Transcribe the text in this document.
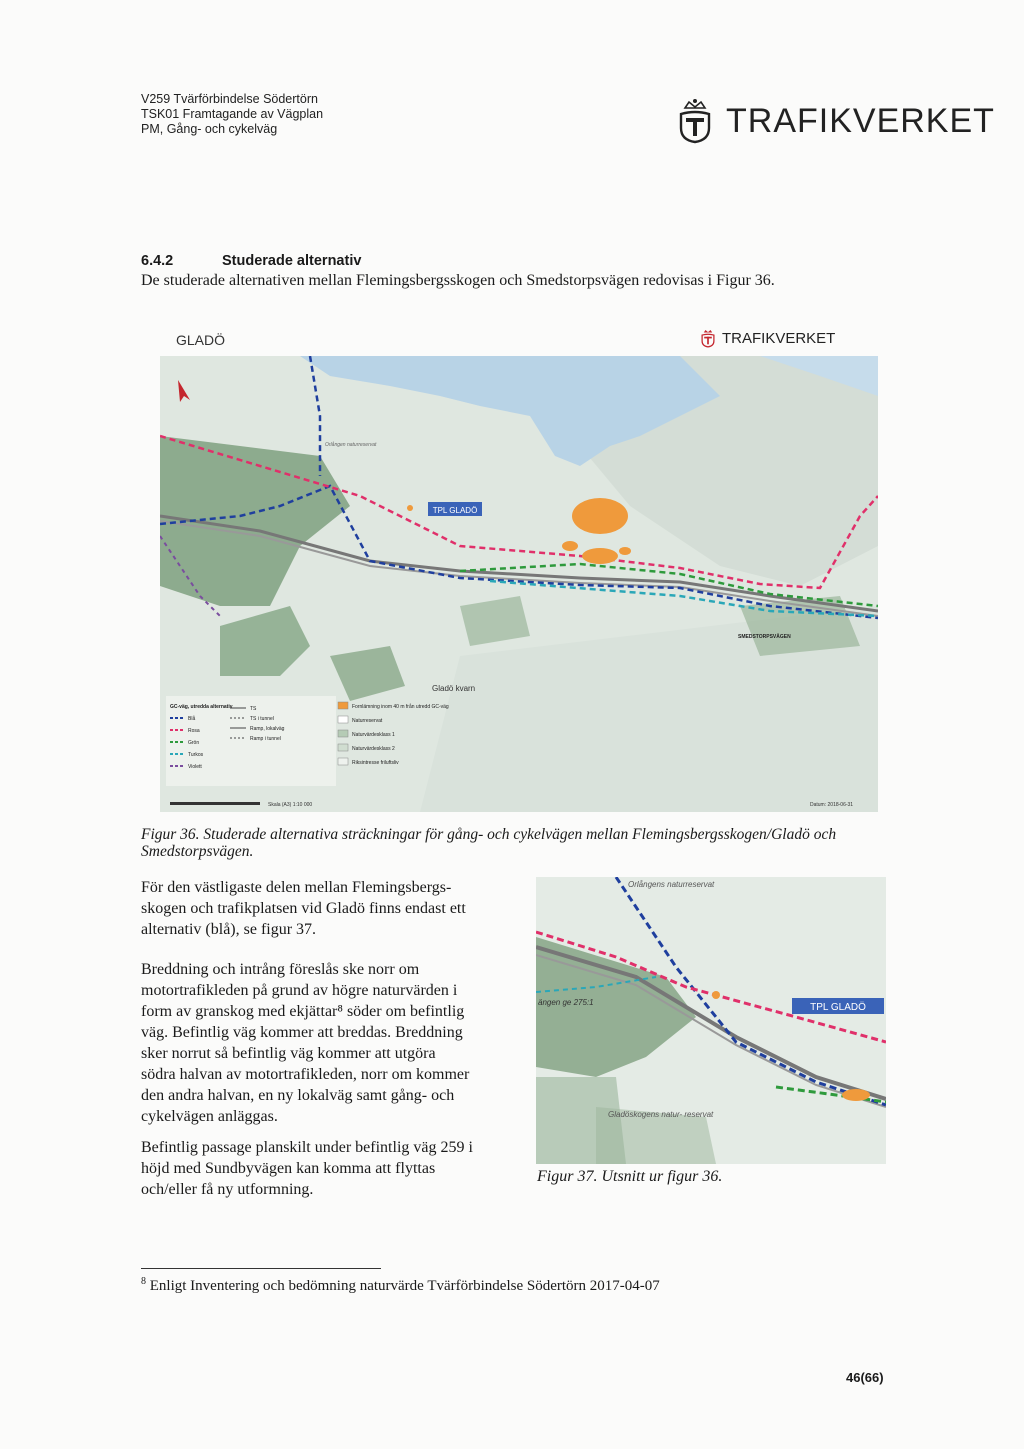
V259 Tvärförbindelse Södertörn
TSK01 Framtagande av Vägplan
PM, Gång- och cykelväg	TRAFIKVERKET
6.4.2	Studerade alternativ
De studerade alternativen mellan Flemingsbergsskogen och Smedstorpsvägen redovisas i Figur 36.
GLADÖ	TRAFIKVERKET
TPL GLADÖ
SMEDSTORPSVÄGEN
Gladö kvarn
Orlången naturreservat
GC-väg, utredda alternativ
Blå
Rosa
Grön
Turkos
Violett
TS
TS i tunnel
Ramp, lokalväg
Ramp i tunnel
Fornlämning inom 40 m från utredd GC-väg
Naturreservat
Naturvärdesklass 1
Naturvärdesklass 2
Riksintresse friluftsliv
Skala (A3) 1:10 000	Datum: 2018-06-31
Figur 36. Studerade alternativa sträckningar för gång- och cykelvägen mellan Flemingsbergsskogen/Gladö och Smedstorpsvägen.
För den västligaste delen mellan Flemingsbergs-
skogen och trafikplatsen vid Gladö finns endast ett
alternativ (blå), se figur 37.
Breddning och intrång föreslås ske norr om
motortrafikleden på grund av högre naturvärden i
form av granskog med ekjättar⁸ söder om befintlig
väg. Befintlig väg kommer att breddas. Breddning
sker norrut så befintlig väg kommer att utgöra
södra halvan av motortrafikleden, norr om kommer
den andra halvan, en ny lokalväg samt gång- och
cykelvägen anläggas.
Befintlig passage planskilt under befintlig väg 259 i
höjd med Sundbyvägen kan komma att flyttas
och/eller få ny utformning.
TPL GLADÖ
Orlångens naturreservat
Gladöskogens natur- reservat
ängen ge 275:1
Figur 37. Utsnitt ur figur 36.
$^8$ Enligt Inventering och bedömning naturvärde Tvärförbindelse Södertörn 2017-04-07
46(66)
